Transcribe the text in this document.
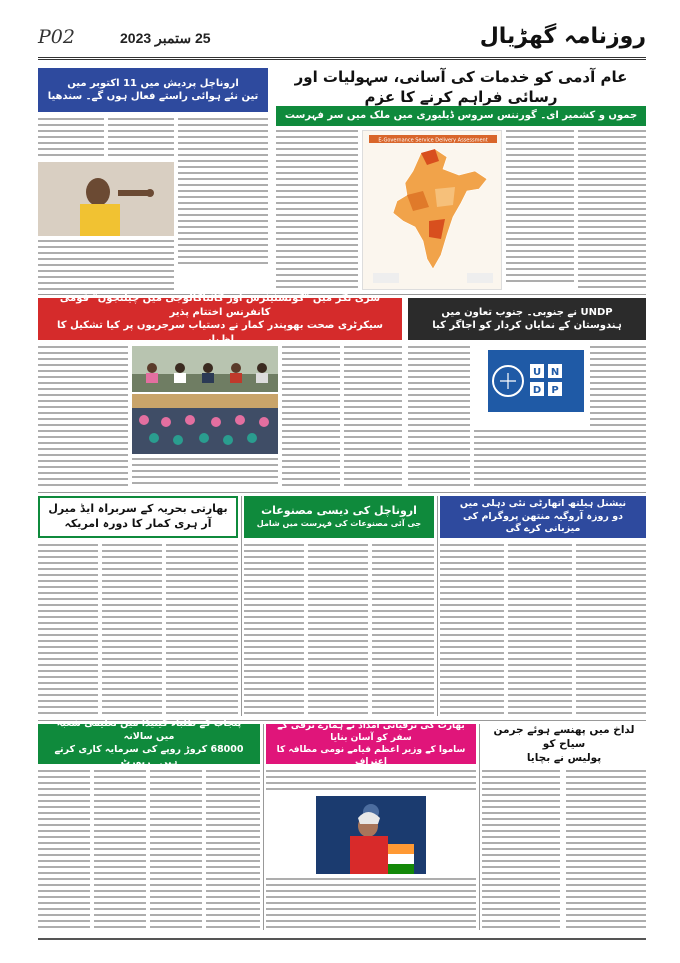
P02	25 ستمبر 2023	روزنامہ گھڑیال
عام آدمی کو خدمات کی آسانی، سہولیات اور رسائی فراہم کرنے کا عزم
جموں و کشمیر ای۔ گورننس سروس ڈیلیوری میں ملک میں سر فہرست
اروناچل پردیش میں 11 اکتوبر میں
تین نئے ہوائی راستے فعال ہوں گے۔ سندھیا
E-Governance Service Delivery Assessment
سری نگر میں "کونسٹیٹرس اور گائناکالوجی میں چیلنجوں" قومی کانفرنس اختتام پذیر
سیکرٹری صحت بھوپندر کمار نے دستیاب سرجریوں پر کیا تشکیل کا اظہار
UNDP نے جنوبی۔ جنوب تعاون میں
ہندوستان کے نمایاں کردار کو اجاگر کیا
U N
D P
بھارتی بحریہ کے سربراہ ایڈ میرل
آر ہری کمار کا دورہ امریکہ
اروناچل کی دیسی مصنوعات
جی آئی مصنوعات کی فہرست میں شامل
نیشنل ہیلتھ اتھارٹی نئی دہلی میں
دو روزہ آروگیہ منتھن پروگرام کی میزبانی کرے گی
پنجاب کے طلباء کینیڈا میں تعلیمی شعبہ میں سالانہ
68000 کروڑ روپے کی سرمایہ کاری کرتے ہیں۔ رپورٹ
بھارت کی ترقیاتی امداد نے ہمارے ترقی کے سفر کو آسان بنایا
ساموا کے وزیر اعظم فیامے نومی مطافہ کا اعتراف
لداخ میں پھنسے ہوئے جرمن سیاح کو
پولیس نے بچایا
